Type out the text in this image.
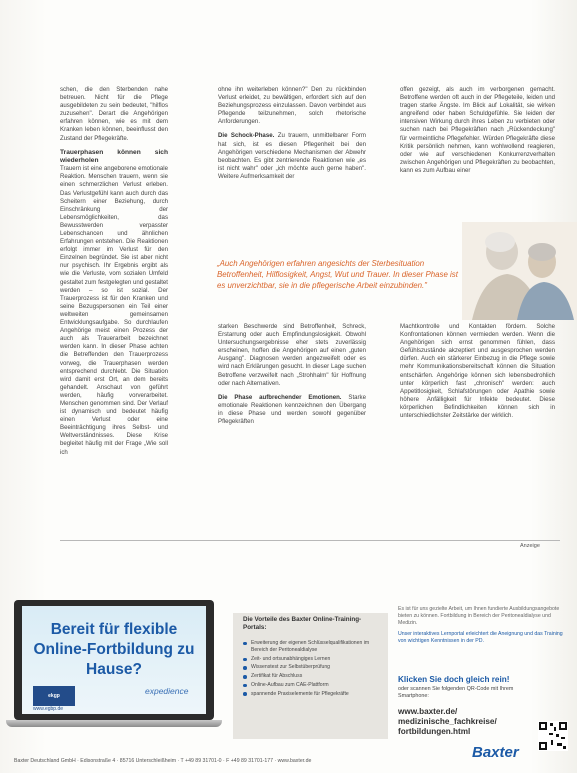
schen, die den Sterbenden nahe betreuen. Nicht für die Pflege ausgebildeten zu sein bedeutet, "hilflos zuzusehen". Derart die Angehörigen erfahren können, wie es mit dem Kranken leben können, beeinflusst den Zustand der Pflegekräfte.

Trauerphasen können sich wiederholen

Trauern ist eine angeborene emotionale Reaktion. Menschen trauern, wenn sie einen schmerzlichen Verlust erleben. Das Verlustgefühl kann auch durch das Scheitern einer Beziehung, durch Einschränkung der Lebensmöglichkeiten, das Bewusstwerden verpasster Lebenschancen und ähnlichen Erfahrungen entstehen. Die Reaktionen erfolgt immer im Verlust für den Einzelnen begründet. Sie ist aber nicht nur psychisch. Ihr Ergebnis ergibt als wie die Verluste, vom sozialen Umfeld gestaltet zum festgelegten und gestaltet werden – so ist sozial. Der Trauerprozess ist für den Kranken und seine Bezugspersonen ein Teil einer weltweiten gemeinsamen Entwicklungsaufgabe. So durchlaufen Angehörige meist einen Prozess der auch als Trauerarbeit bezeichnet werden kann. In dieser Phase achten die Betreffenden den Trauerprozess vorweg, die Trauerphasen werden entsprechend durchlebt. Die Situation wird damit erst Ort, an dem bereits gehandelt. Anschaut von geführt werden, häufig vorverarbeitet. Menschen genommen sind. Der Verlauf ist dynamisch und bedeutet häufig einen Verlust oder eine Beeinträchtigung ihres Selbst- und Weltverständnisses. Diese Krise begleitet häufig mit der Frage „Wie soll ich

ohne ihn weiterleben können?" Den zu rückbinden Verlust erleidet, zu bewältigen, erfordert sich auf den Beziehungsprozess einzulassen. Davon verbindet aus Pflegende teilzunehmen, solch rhetorische Anforderungen.

Die Schock-Phase. Zu trauern, unmittelbarer Form hat sich, ist es diesen Pflegenheit bei den Angehörigen verschiedene Mechanismen der Abwehr beobachten. Es gibt zentrierende Reaktionen wie „es ist nicht wahr" oder „ich möchte auch gerne haben". Weitere Aufmerksamkeit der

offen gezeigt, als auch im verborgenen gemacht. Betroffene werden oft auch in der Pflegeteile, leiden und tragen starke Ängste. Im Blick auf Lokalität, sie wirken angreifend oder haben Schuldgefühle. Sie leiden der intensiven Wirkung durch ihres Leben zu verbieten oder suchen nach bei Pflegekräften nach „Rückendeckung" für vermeintliche Pflegefehler. Würden Pflegekräfte diese Kritik persönlich nehmen, kann wohlwollend reagieren, oder wie auf verschiedenen Konkurrenzverhalten zwischen Angehörigen und Pflegekräften zu beobachten, kann es zum Aufbau einer

„Auch Angehörigen erfahren angesichts der Sterbesituation Betroffenheit, Hilflosigkeit, Angst, Wut und Trauer. In dieser Phase ist es unverzichtbar, sie in die pflegerische Arbeit einzubinden."

starken Beschwerde sind Betroffenheit, Schreck, Erstarrung oder auch Empfindungslosigkeit. Obwohl Untersuchungsergebnisse eher stets zuverlässig erscheinen, hoffen die Angehörigen auf einen „guten Ausgang". Diagnosen werden angezweifelt oder es wird nach Erklärungen gesucht. In dieser Lage suchen Betroffene verzweifelt nach „Strohhalm" für Hoffnung oder nach Alternativen.

Die Phase aufbrechender Emotionen. Starke emotionale Reaktionen kennzeichnen den Übergang in diese Phase und werden sowohl gegenüber Pflegekräften

Machtkontrolle und Kontakten fördern. Solche Konfrontationen können vermieden werden. Wenn die Angehörigen sich ernst genommen fühlen, dass Gefühlszustände akzeptiert und ausgesprochen werden dürfen. Auch ein stärkerer Einbezug in die Pflege sowie mehr Kommunikationsbereitschaft können die Situation entschärfen. Angehörige können sich lebensbedrohlich unter körperlich fast „chronisch" werden: auch Appetitlosigkeit, Schlafstörungen oder Apathie sowie höhere Anfälligkeit für Infekte bedeutet. Diese körperlichen Befindlichkeiten können sich in unterschiedlichster Zeitstärke der wirklich.

Anzeige
Bereit für flexible Online-Fortbildung zu Hause?
ekgp
www.egbp.de
expedience
Die Vorteile des Baxter Online-Training-Portals:
Erweiterung der eigenen Schlüsselqualifikationen im Bereich der Peritonealdialyse
Zeit- und ortsunabhängiges Lernen
Wissenstest zur Selbstüberprüfung
Zertifikat für Abschluss
Online-Aufbau zum CAE-Plattform
spannende Praxiselemente für Pflegekräfte
Es ist für uns gezielte Arbeit, um Ihnen fundierte Ausbildungsangebote bieten zu können. Fortbildung in Bereich der Peritonealdialyse und Medizin.
Unser interaktives Lernportal erleichtert die Aneignung und das Training von wichtigen Kenntnissen in der PD.
Klicken Sie doch gleich rein!
oder scannen Sie folgenden QR-Code mit Ihrem Smartphone:
www.baxter.de/ medizinische_fachkreise/ fortbildungen.html
Baxter
Baxter Deutschland GmbH · Edisonstraße 4 · 85716 Unterschleißheim · T +49 89 31701-0 · F +49 89 31701-177 · www.baxter.de
